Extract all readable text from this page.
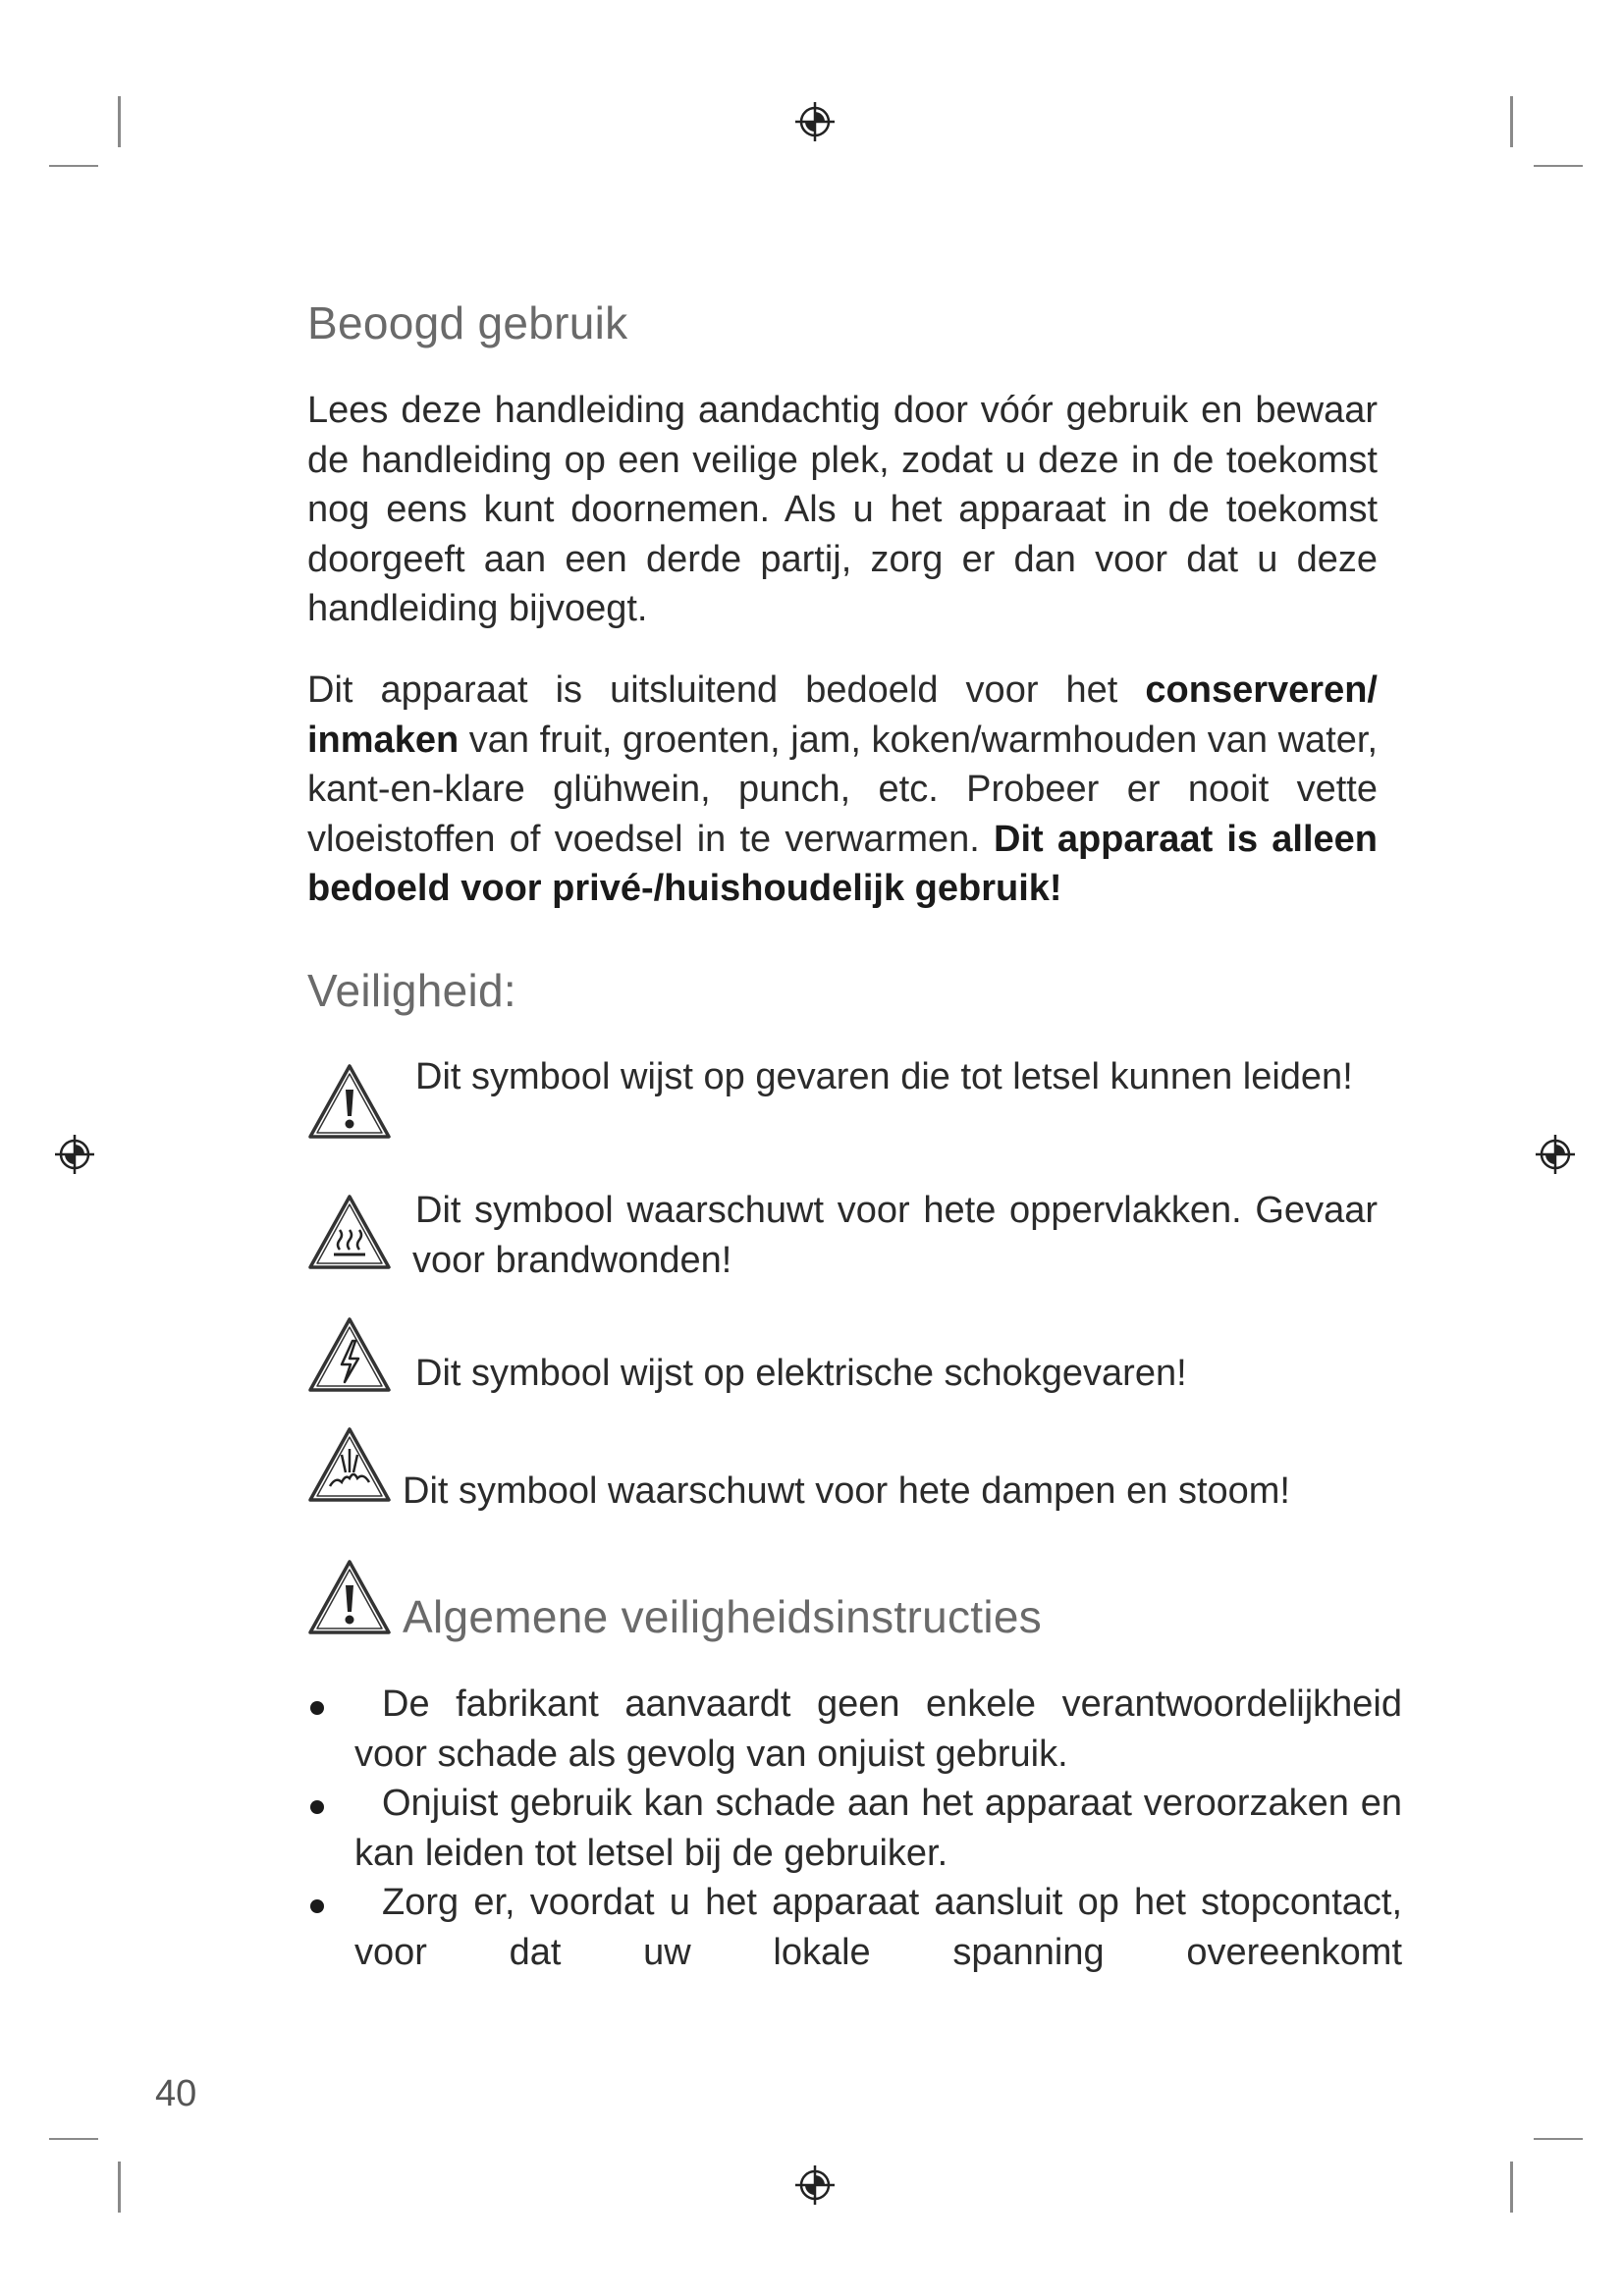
Beoogd gebruik

Lees deze handleiding aandachtig door vóór gebruik en bewaar de handleiding op een veilige plek, zodat u deze in de toekomst nog eens kunt doornemen. Als u het apparaat in de toekomst doorgeeft aan een derde partij, zorg er dan voor dat u deze handleiding bijvoegt.

Dit apparaat is uitsluitend bedoeld voor het conserveren/ inmaken van fruit, groenten, jam, koken/warmhouden van water, kant-en-klare glühwein, punch, etc. Probeer er nooit vette vloeistoffen of voedsel in te verwarmen. Dit apparaat is alleen bedoeld voor privé-/huishoudelijk gebruik!

Veiligheid:
Dit symbool wijst op gevaren die tot letsel kunnen leiden!
Dit symbool waarschuwt voor hete oppervlakken. Gevaar voor brandwonden!
Dit symbool wijst op elektrische schokgevaren!
Dit symbool waarschuwt voor hete dampen en stoom!
Algemene veiligheidsinstructies
De fabrikant aanvaardt geen enkele verantwoordelijkheid voor schade als gevolg van onjuist gebruik.
Onjuist gebruik kan schade aan het apparaat veroorzaken en kan leiden tot letsel bij de gebruiker.
Zorg er, voordat u het apparaat aansluit op het stopcontact, voor dat uw lokale spanning overeenkomt
40
